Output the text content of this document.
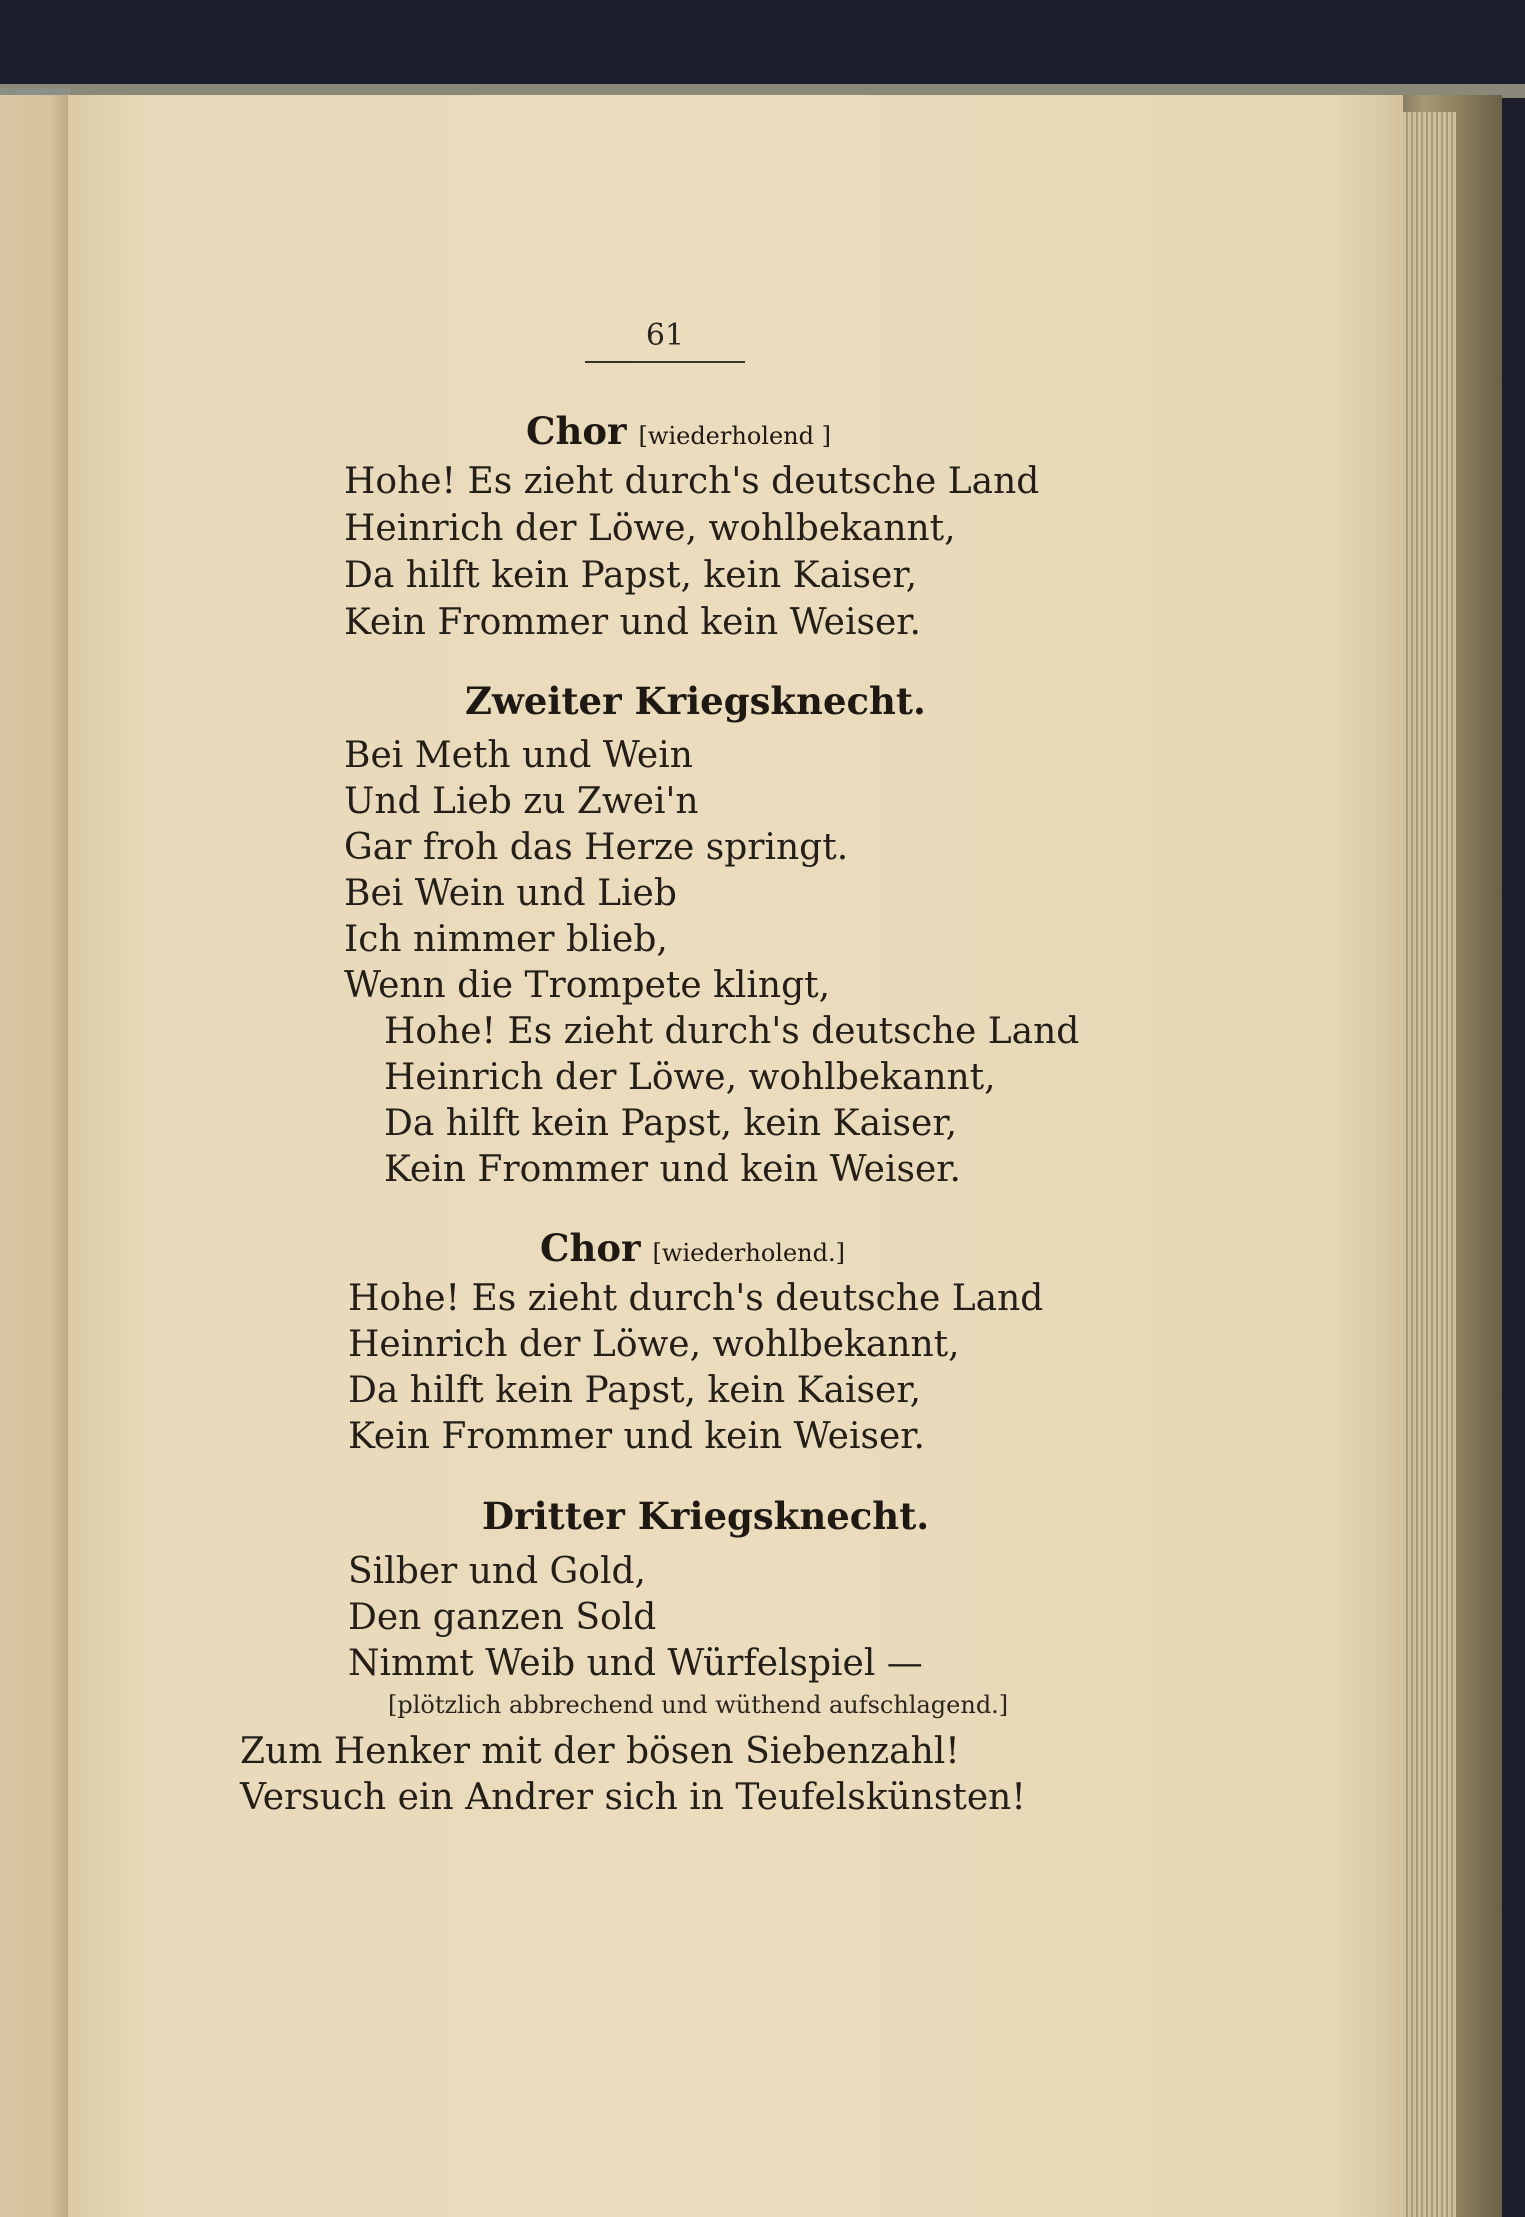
61
Chor [wiederholend ]
Hohe! Es zieht durch's deutsche Land
Heinrich der Löwe, wohlbekannt,
Da hilft kein Papst, kein Kaiser,
Kein Frommer und kein Weiser.
Zweiter Kriegsknecht.
Bei Meth und Wein
Und Lieb zu Zwei'n
Gar froh das Herze springt.
Bei Wein und Lieb
Ich nimmer blieb,
Wenn die Trompete klingt,
Hohe! Es zieht durch's deutsche Land
Heinrich der Löwe, wohlbekannt,
Da hilft kein Papst, kein Kaiser,
Kein Frommer und kein Weiser.
Chor [wiederholend.]
Hohe! Es zieht durch's deutsche Land
Heinrich der Löwe, wohlbekannt,
Da hilft kein Papst, kein Kaiser,
Kein Frommer und kein Weiser.
Dritter Kriegsknecht.
Silber und Gold,
Den ganzen Sold
Nimmt Weib und Würfelspiel —
[plötzlich abbrechend und wüthend aufschlagend.]
Zum Henker mit der bösen Siebenzahl!
Versuch ein Andrer sich in Teufelskünsten!
